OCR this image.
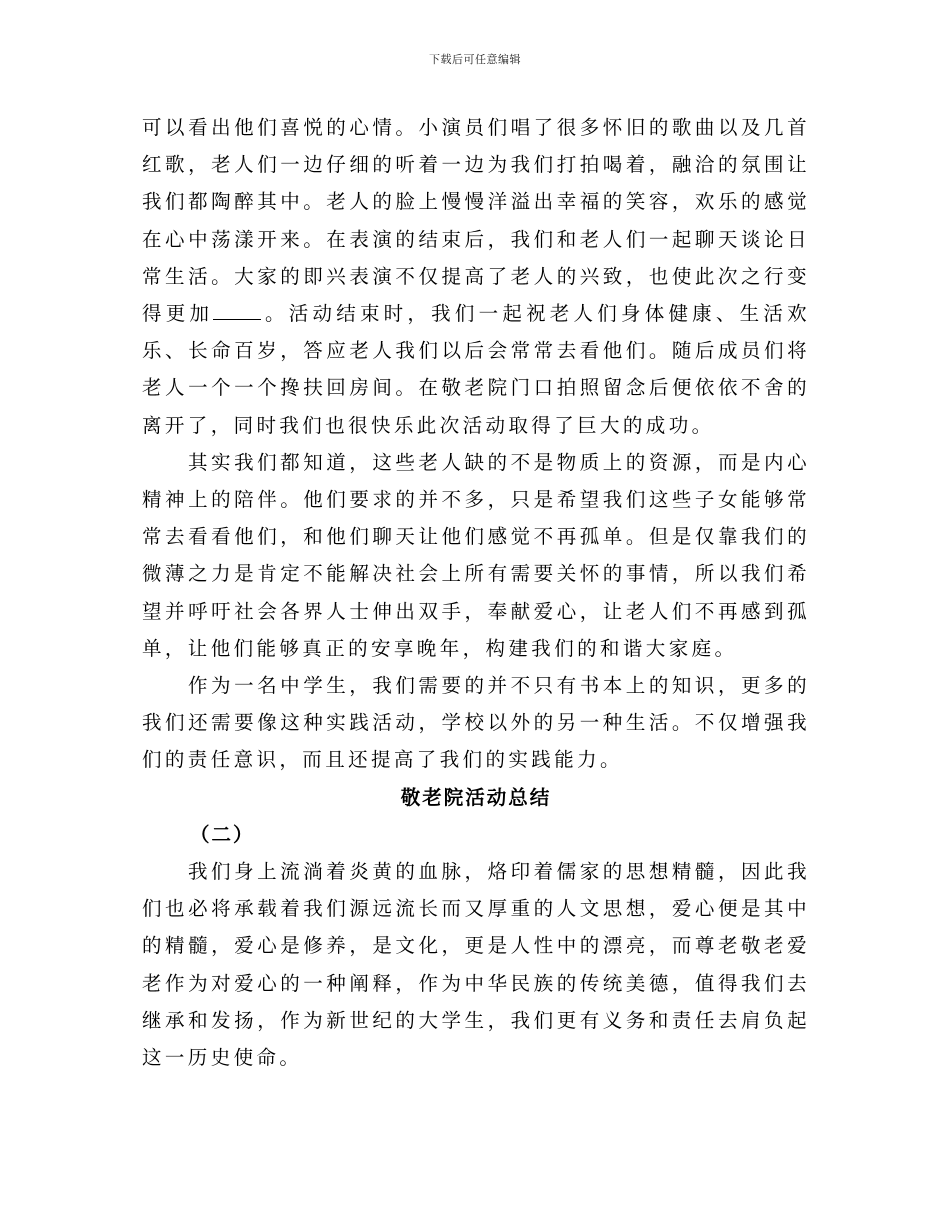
下载后可任意编辑

可以看出他们喜悦的心情。小演员们唱了很多怀旧的歌曲以及几首红歌，老人们一边仔细的听着一边为我们打拍喝着，融洽的氛围让我们都陶醉其中。老人的脸上慢慢洋溢出幸福的笑容，欢乐的感觉在心中荡漾开来。在表演的结束后，我们和老人们一起聊天谈论日常生活。大家的即兴表演不仅提高了老人的兴致，也使此次之行变得更加	。活动结束时，我们一起祝老人们身体健康、生活欢乐、长命百岁，答应老人我们以后会常常去看他们。随后成员们将老人一个一个搀扶回房间。在敬老院门口拍照留念后便依依不舍的离开了，同时我们也很快乐此次活动取得了巨大的成功。

其实我们都知道，这些老人缺的不是物质上的资源，而是内心精神上的陪伴。他们要求的并不多，只是希望我们这些子女能够常常去看看他们，和他们聊天让他们感觉不再孤单。但是仅靠我们的微薄之力是肯定不能解决社会上所有需要关怀的事情，所以我们希望并呼吁社会各界人士伸出双手，奉献爱心，让老人们不再感到孤单，让他们能够真正的安享晚年，构建我们的和谐大家庭。

作为一名中学生，我们需要的并不只有书本上的知识，更多的我们还需要像这种实践活动，学校以外的另一种生活。不仅增强我们的责任意识，而且还提高了我们的实践能力。

敬老院活动总结

（二）

我们身上流淌着炎黄的血脉，烙印着儒家的思想精髓，因此我们也必将承载着我们源远流长而又厚重的人文思想，爱心便是其中的精髓，爱心是修养，是文化，更是人性中的漂亮，而尊老敬老爱老作为对爱心的一种阐释，作为中华民族的传统美德，值得我们去继承和发扬，作为新世纪的大学生，我们更有义务和责任去肩负起这一历史使命。
